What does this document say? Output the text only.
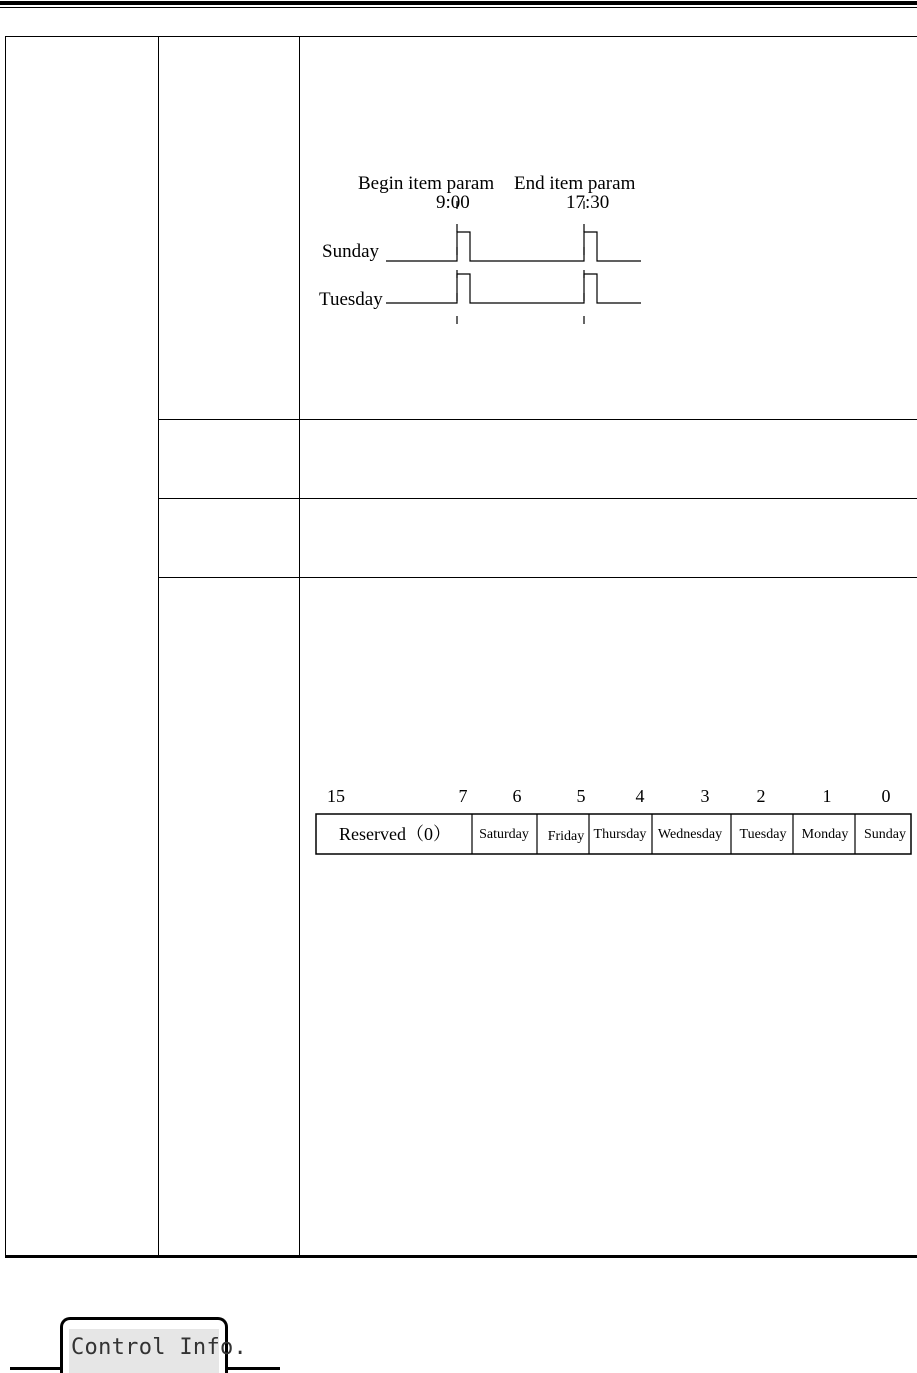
Begin item param End item param
9:00	17:30
Sunday
Tuesday
15	7	6	5	4	3	2	1	0
Reserved（0） Saturday Friday Thursday Wednesday Tuesday Monday Sunday
Control Info.
